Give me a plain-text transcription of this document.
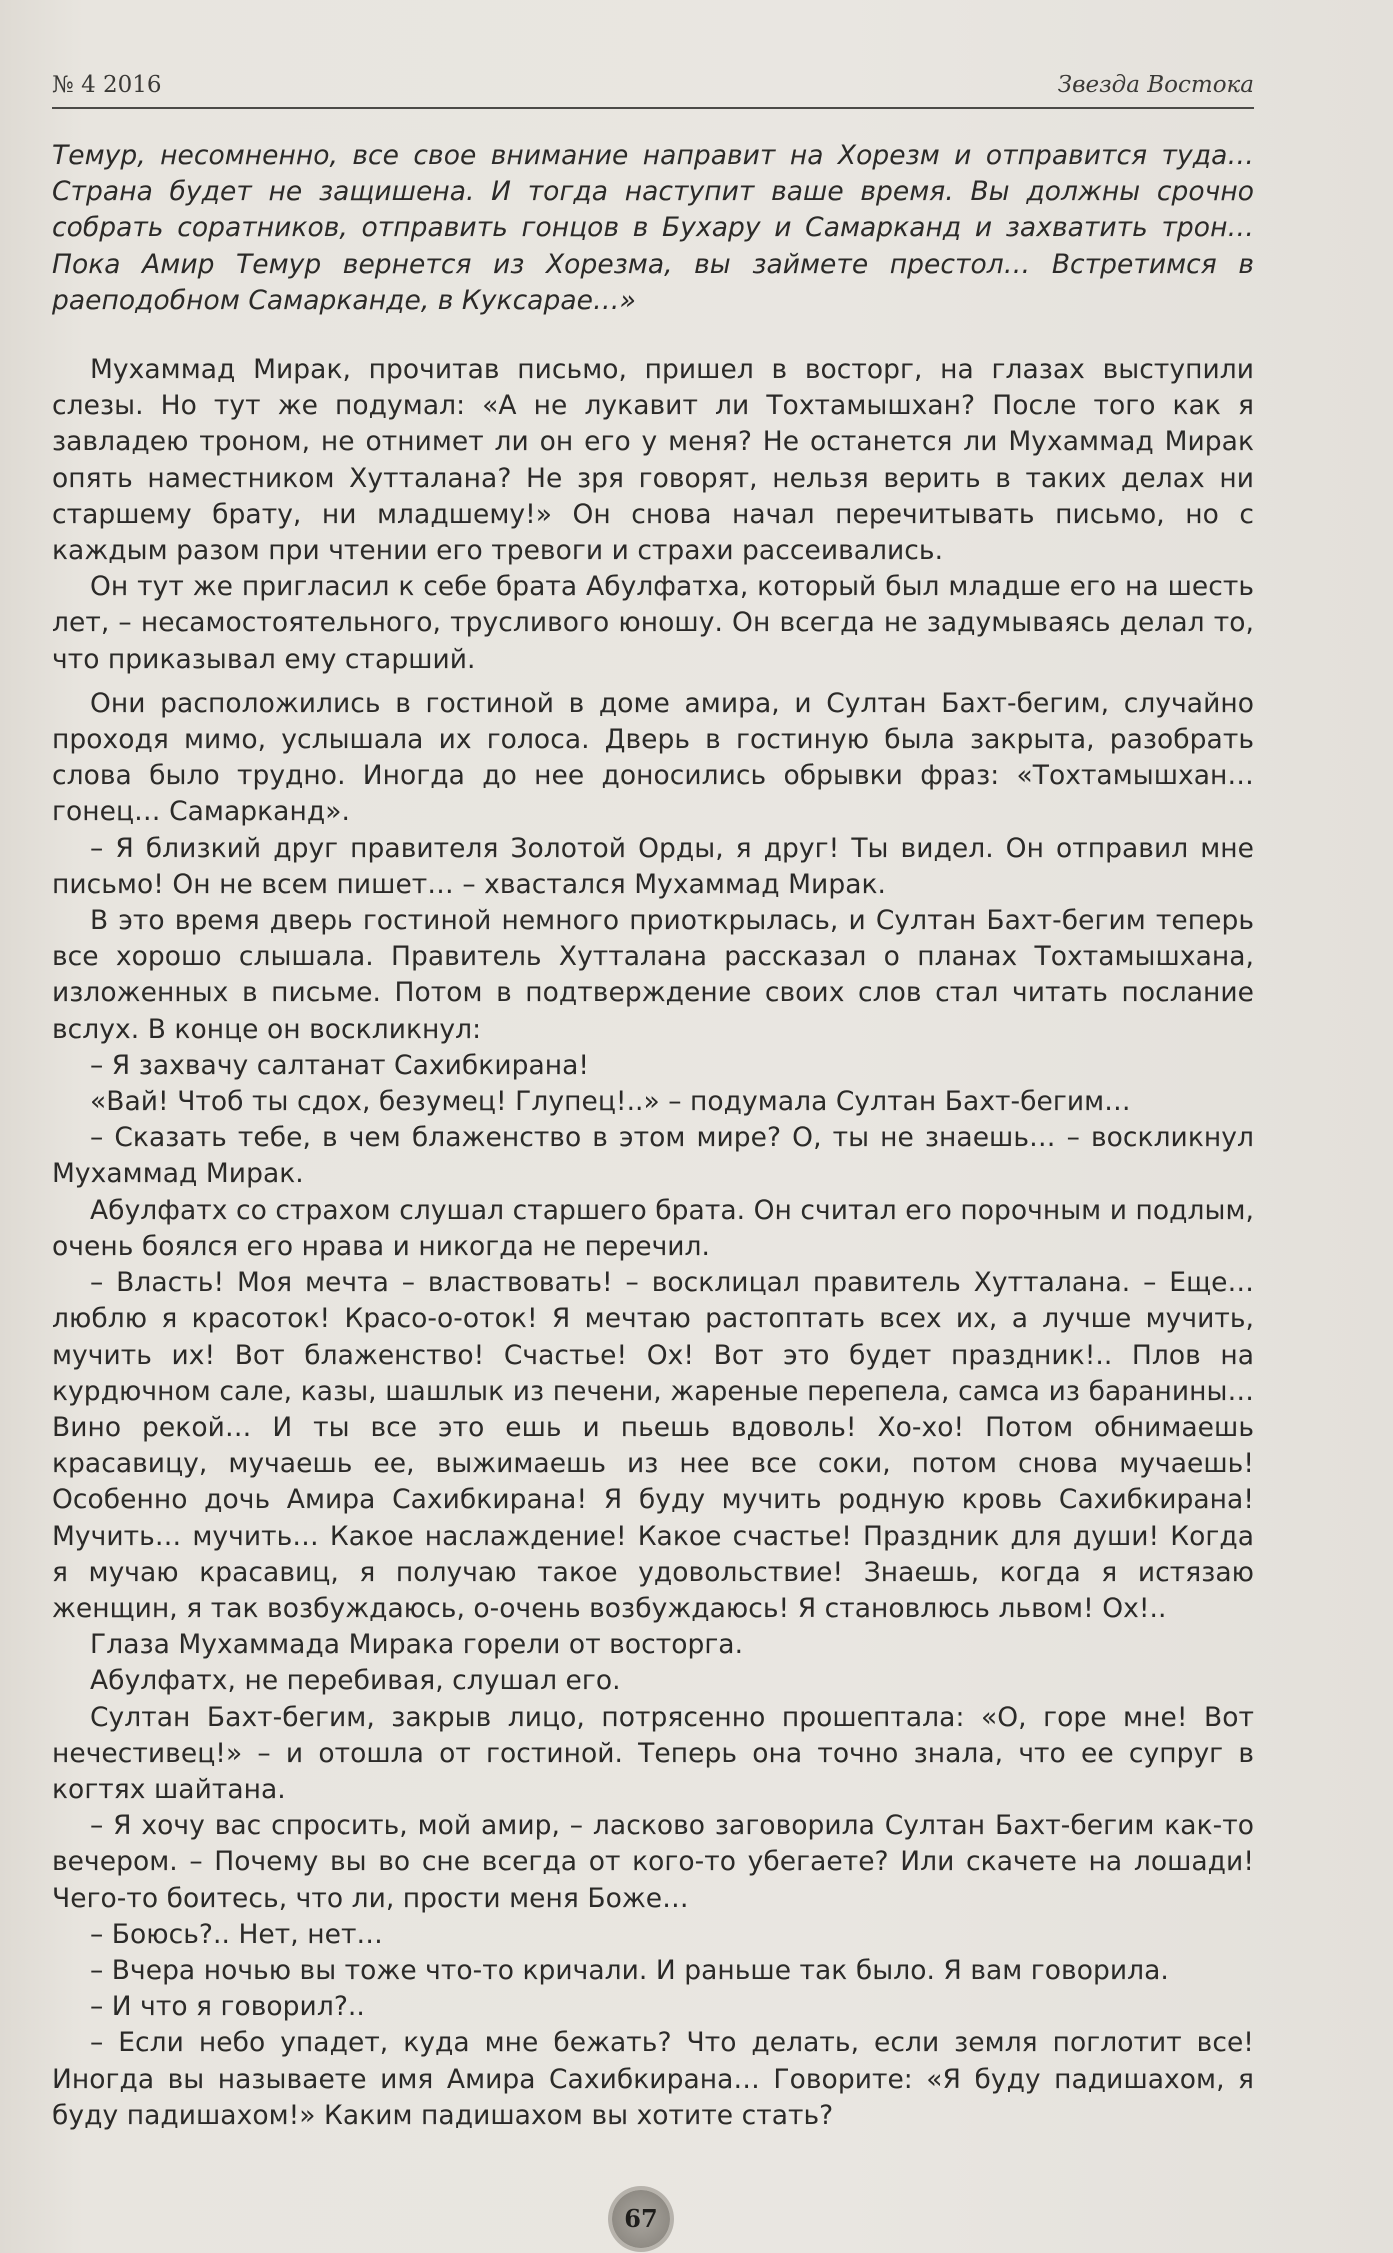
№ 4 2016	Звезда Востока

Темур, несомненно, все свое внимание направит на Хорезм и отправится туда… Страна будет не защишена. И тогда наступит ваше время. Вы должны срочно собрать соратников, отправить гонцов в Бухару и Самарканд и захватить трон… Пока Амир Темур вернется из Хорезма, вы займете престол… Встретимся в раеподобном Самарканде, в Куксарае…»

Мухаммад Мирак, прочитав письмо, пришел в восторг, на глазах выступили слезы. Но тут же подумал: «А не лукавит ли Тохтамышхан? После того как я завладею троном, не отнимет ли он его у меня? Не останется ли Мухаммад Мирак опять наместником Хутталана? Не зря говорят, нельзя верить в таких делах ни старшему брату, ни младшему!» Он снова начал перечитывать письмо, но с каждым разом при чтении его тревоги и страхи рассеивались.

Он тут же пригласил к себе брата Абулфатха, который был младше его на шесть лет, – несамостоятельного, трусливого юношу. Он всегда не задумываясь делал то, что приказывал ему старший.

Они расположились в гостиной в доме амира, и Султан Бахт-бегим, случайно проходя мимо, услышала их голоса. Дверь в гостиную была закрыта, разобрать слова было трудно. Иногда до нее доносились обрывки фраз: «Тохтамышхан… гонец… Самарканд».

– Я близкий друг правителя Золотой Орды, я друг! Ты видел. Он отправил мне письмо! Он не всем пишет… – хвастался Мухаммад Мирак.

В это время дверь гостиной немного приоткрылась, и Султан Бахт-бегим теперь все хорошо слышала. Правитель Хутталана рассказал о планах Тохтамышхана, изложенных в письме. Потом в подтверждение своих слов стал читать послание вслух. В конце он воскликнул:

– Я захвачу салтанат Сахибкирана!

«Вай! Чтоб ты сдох, безумец! Глупец!..» – подумала Султан Бахт-бегим…

– Сказать тебе, в чем блаженство в этом мире? О, ты не знаешь… – воскликнул Мухаммад Мирак.

Абулфатх со страхом слушал старшего брата. Он считал его порочным и подлым, очень боялся его нрава и никогда не перечил.

– Власть! Моя мечта – властвовать! – восклицал правитель Хутталана. – Еще… люблю я красоток! Красо-о-оток! Я мечтаю растоптать всех их, а лучше мучить, мучить их! Вот блаженство! Счастье! Ох! Вот это будет праздник!.. Плов на курдючном сале, казы, шашлык из печени, жареные перепела, самса из баранины… Вино рекой… И ты все это ешь и пьешь вдоволь! Хо-хо! Потом обнимаешь красавицу, мучаешь ее, выжимаешь из нее все соки, потом снова мучаешь! Особенно дочь Амира Сахибкирана! Я буду мучить родную кровь Сахибкирана! Мучить… мучить… Какое наслаждение! Какое счастье! Праздник для души! Когда я мучаю красавиц, я получаю такое удовольствие! Знаешь, когда я истязаю женщин, я так возбуждаюсь, о-очень возбуждаюсь! Я становлюсь львом! Ох!..

Глаза Мухаммада Мирака горели от восторга.

Абулфатх, не перебивая, слушал его.

Султан Бахт-бегим, закрыв лицо, потрясенно прошептала: «О, горе мне! Вот нечестивец!» – и отошла от гостиной. Теперь она точно знала, что ее супруг в когтях шайтана.

– Я хочу вас спросить, мой амир, – ласково заговорила Султан Бахт-бегим как-то вечером. – Почему вы во сне всегда от кого-то убегаете? Или скачете на лошади! Чего-то боитесь, что ли, прости меня Боже…

– Боюсь?.. Нет, нет…

– Вчера ночью вы тоже что-то кричали. И раньше так было. Я вам говорила.

– И что я говорил?..

– Если небо упадет, куда мне бежать? Что делать, если земля поглотит все! Иногда вы называете имя Амира Сахибкирана… Говорите: «Я буду падишахом, я буду падишахом!» Каким падишахом вы хотите стать?

67
